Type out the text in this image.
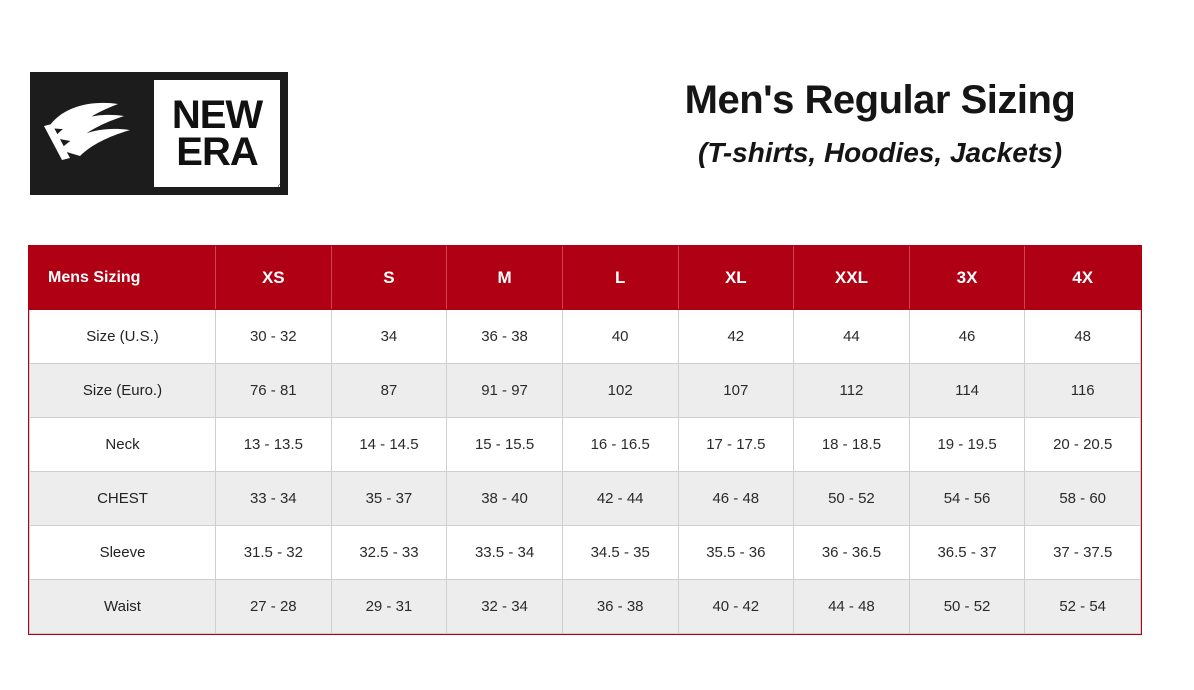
NEW
ERA
®
Men's Regular Sizing

(T-shirts, Hoodies, Jackets)

Mens Sizing	XS	S	M	L	XL	XXL	3X	4X
Size (U.S.)	30 - 32	34	36 - 38	40	42	44	46	48
Size (Euro.)	76 - 81	87	91 - 97	102	107	112	114	116
Neck	13 - 13.5	14 - 14.5	15 - 15.5	16 - 16.5	17 - 17.5	18 - 18.5	19 - 19.5	20 - 20.5
CHEST	33 - 34	35 - 37	38 - 40	42 - 44	46 - 48	50 - 52	54 - 56	58 - 60
Sleeve	31.5 - 32	32.5 - 33	33.5 - 34	34.5 - 35	35.5 - 36	36 - 36.5	36.5 - 37	37 - 37.5
Waist	27 - 28	29 - 31	32 - 34	36 - 38	40 - 42	44 - 48	50 - 52	52 - 54
